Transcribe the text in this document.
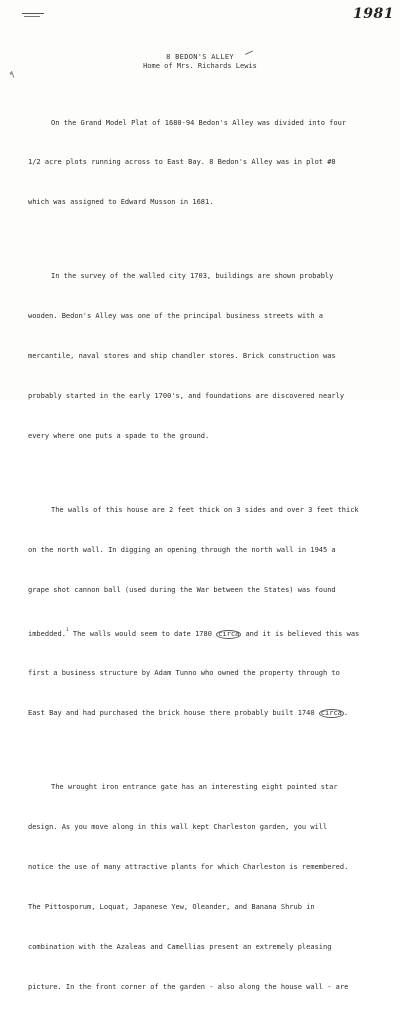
1981
8 BEDON'S ALLEY
Home of Mrs. Richards Lewis

On the Grand Model Plat of 1680-94 Bedon's Alley was divided into four

1/2 acre plots running across to East Bay. 8 Bedon's Alley was in plot #8

which was assigned to Edward Musson in 1681.

In the survey of the walled city 1703, buildings are shown probably

wooden. Bedon's Alley was one of the principal business streets with a

mercantile, naval stores and ship chandler stores. Brick construction was

probably started in the early 1700's, and foundations are discovered nearly

every where one puts a spade to the ground.

The walls of this house are 2 feet thick on 3 sides and over 3 feet thick

on the north wall. In digging an opening through the north wall in 1945 a

grape shot cannon ball (used during the War between the States) was found

imbedded.$^1$ The walls would seem to date 1780 circa and it is believed this was

first a business structure by Adam Tunno who owned the property through to

East Bay and had purchased the brick house there probably built 1740 circa .

The wrought iron entrance gate has an interesting eight pointed star

design. As you move along in this wall kept Charleston garden, you will

notice the use of many attractive plants for which Charleston is remembered.

The Pittosporum, Loquat, Japanese Yew, Oleander, and Banana Shrub in

combination with the Azaleas and Camellias present an extremely pleasing

picture. In the front corner of the garden - also along the house wall - are
